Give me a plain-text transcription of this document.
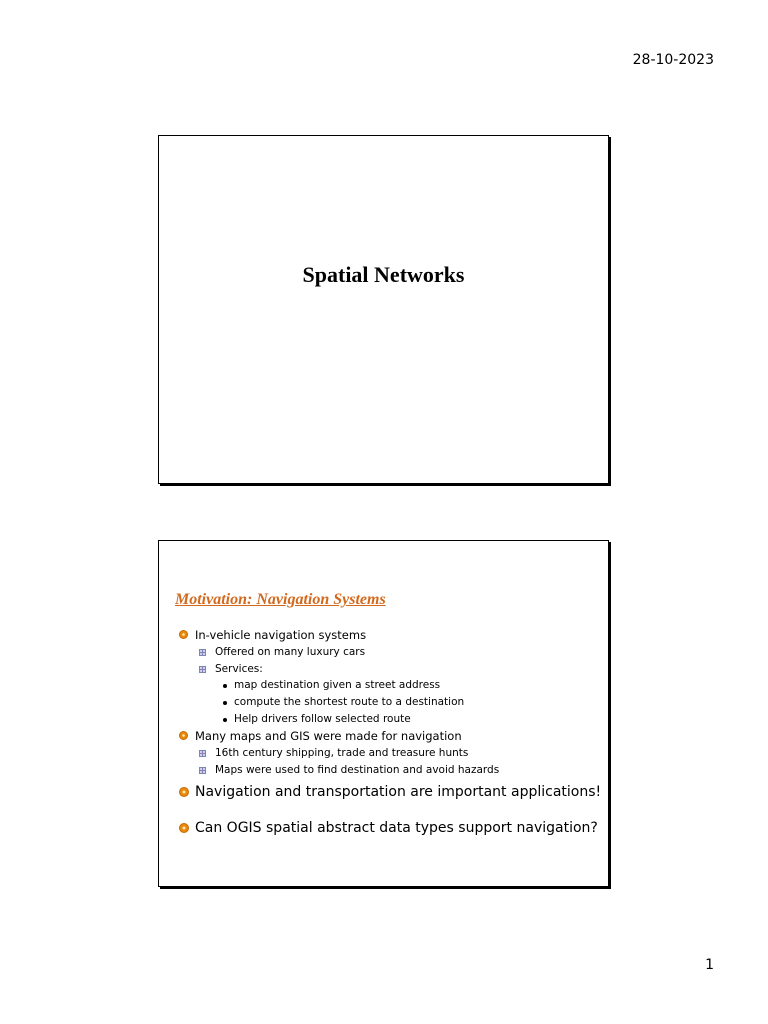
28-10-2023
Spatial Networks
Motivation: Navigation Systems
In-vehicle navigation systems
Offered on many luxury cars
Services:
map destination given a street address
compute the shortest route to a destination
Help drivers follow selected route
Many maps and GIS were made for navigation
16th century shipping, trade and treasure hunts
Maps were used to find destination and avoid hazards
Navigation and transportation are important applications!
Can OGIS spatial abstract data types support navigation?
1
